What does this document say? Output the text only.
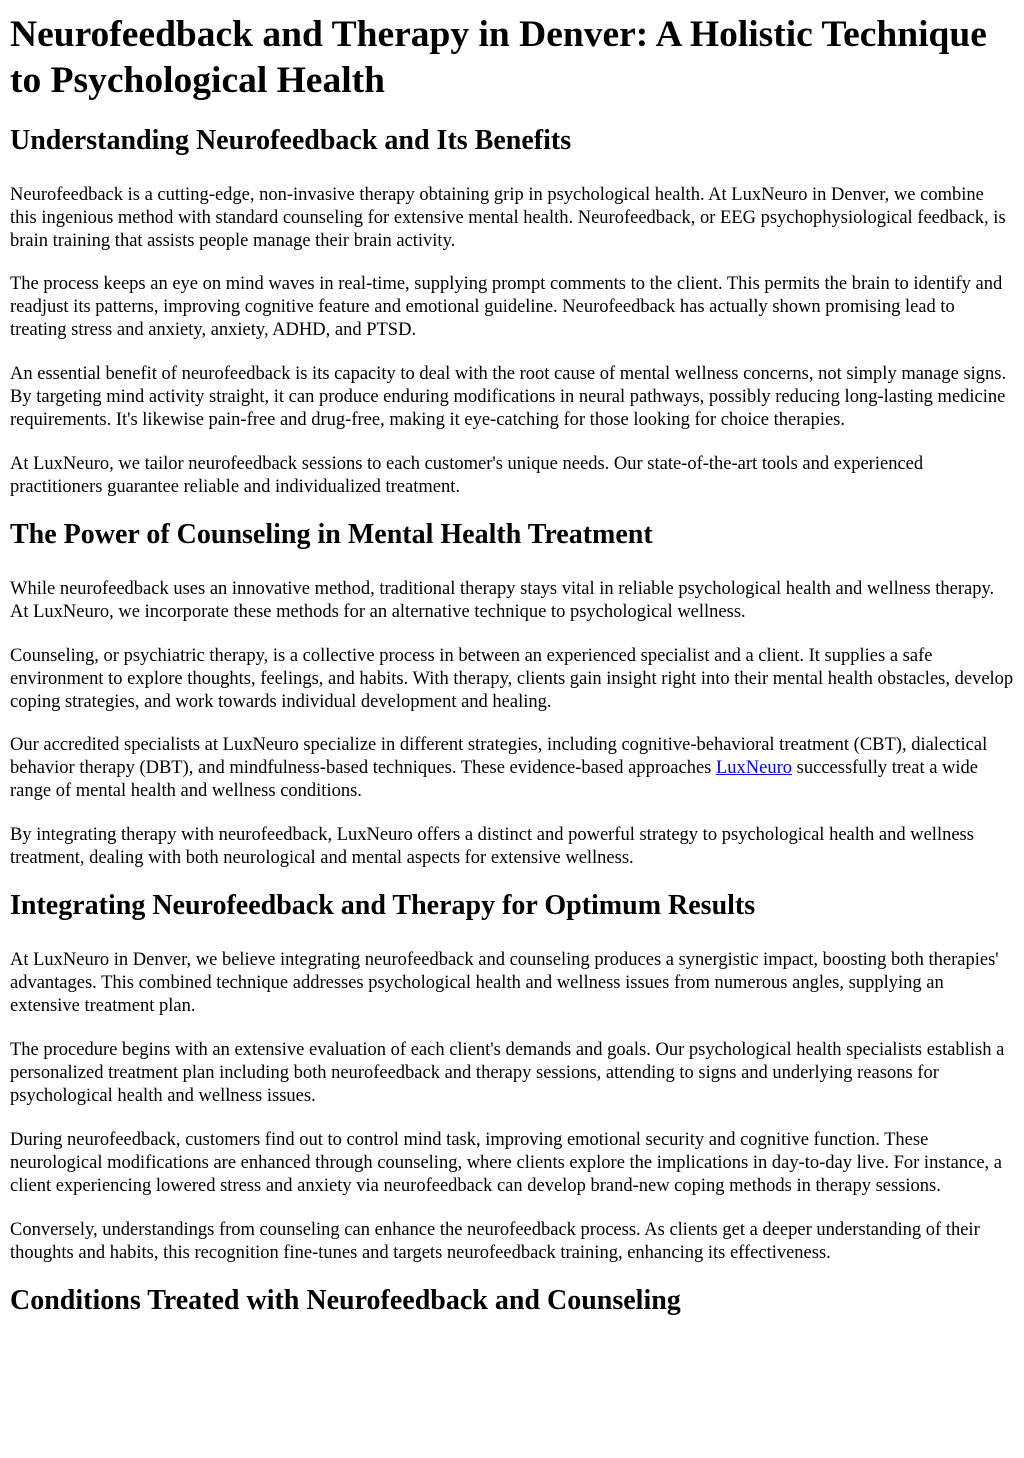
Neurofeedback and Therapy in Denver: A Holistic Technique to Psychological Health
Understanding Neurofeedback and Its Benefits

Neurofeedback is a cutting-edge, non-invasive therapy obtaining grip in psychological health. At LuxNeuro in Denver, we combine this ingenious method with standard counseling for extensive mental health. Neurofeedback, or EEG psychophysiological feedback, is brain training that assists people manage their brain activity.

The process keeps an eye on mind waves in real-time, supplying prompt comments to the client. This permits the brain to identify and readjust its patterns, improving cognitive feature and emotional guideline. Neurofeedback has actually shown promising lead to treating stress and anxiety, anxiety, ADHD, and PTSD.

An essential benefit of neurofeedback is its capacity to deal with the root cause of mental wellness concerns, not simply manage signs. By targeting mind activity straight, it can produce enduring modifications in neural pathways, possibly reducing long-lasting medicine requirements. It's likewise pain-free and drug-free, making it eye-catching for those looking for choice therapies.

At LuxNeuro, we tailor neurofeedback sessions to each customer's unique needs. Our state-of-the-art tools and experienced practitioners guarantee reliable and individualized treatment.

The Power of Counseling in Mental Health Treatment

While neurofeedback uses an innovative method, traditional therapy stays vital in reliable psychological health and wellness therapy. At LuxNeuro, we incorporate these methods for an alternative technique to psychological wellness.

Counseling, or psychiatric therapy, is a collective process in between an experienced specialist and a client. It supplies a safe environment to explore thoughts, feelings, and habits. With therapy, clients gain insight right into their mental health obstacles, develop coping strategies, and work towards individual development and healing.

Our accredited specialists at LuxNeuro specialize in different strategies, including cognitive-behavioral treatment (CBT), dialectical behavior therapy (DBT), and mindfulness-based techniques. These evidence-based approaches LuxNeuro successfully treat a wide range of mental health and wellness conditions.

By integrating therapy with neurofeedback, LuxNeuro offers a distinct and powerful strategy to psychological health and wellness treatment, dealing with both neurological and mental aspects for extensive wellness.

Integrating Neurofeedback and Therapy for Optimum Results

At LuxNeuro in Denver, we believe integrating neurofeedback and counseling produces a synergistic impact, boosting both therapies' advantages. This combined technique addresses psychological health and wellness issues from numerous angles, supplying an extensive treatment plan.

The procedure begins with an extensive evaluation of each client's demands and goals. Our psychological health specialists establish a personalized treatment plan including both neurofeedback and therapy sessions, attending to signs and underlying reasons for psychological health and wellness issues.

During neurofeedback, customers find out to control mind task, improving emotional security and cognitive function. These neurological modifications are enhanced through counseling, where clients explore the implications in day-to-day live. For instance, a client experiencing lowered stress and anxiety via neurofeedback can develop brand-new coping methods in therapy sessions.

Conversely, understandings from counseling can enhance the neurofeedback process. As clients get a deeper understanding of their thoughts and habits, this recognition fine-tunes and targets neurofeedback training, enhancing its effectiveness.

Conditions Treated with Neurofeedback and Counseling
